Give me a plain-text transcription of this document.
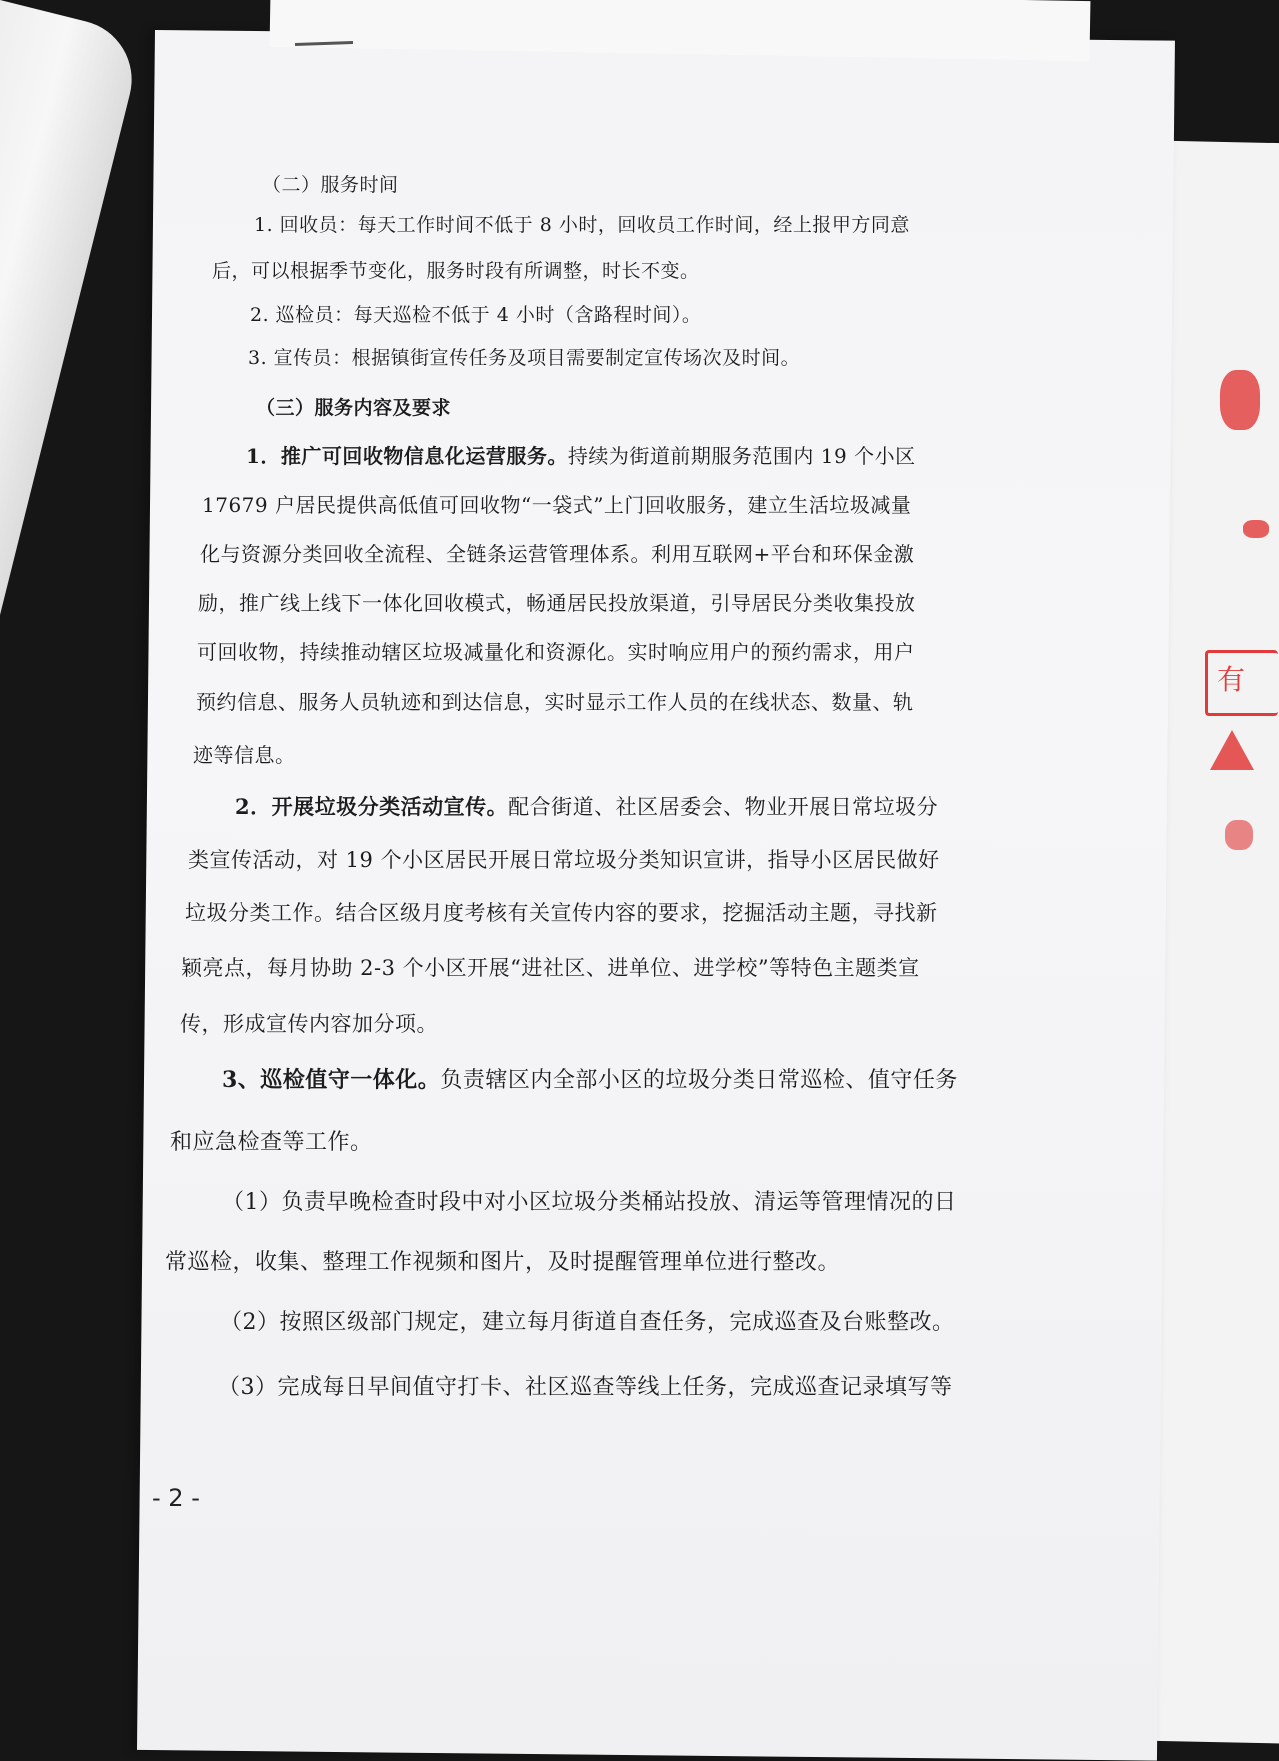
有
（二）服务时间
1. 回收员：每天工作时间不低于 8 小时，回收员工作时间，经上报甲方同意
后，可以根据季节变化，服务时段有所调整，时长不变。
2. 巡检员：每天巡检不低于 4 小时（含路程时间）。
3. 宣传员：根据镇街宣传任务及项目需要制定宣传场次及时间。
（三）服务内容及要求
1．推广可回收物信息化运营服务。持续为街道前期服务范围内 19 个小区
17679 户居民提供高低值可回收物“一袋式”上门回收服务，建立生活垃圾减量
化与资源分类回收全流程、全链条运营管理体系。利用互联网+平台和环保金激
励，推广线上线下一体化回收模式，畅通居民投放渠道，引导居民分类收集投放
可回收物，持续推动辖区垃圾减量化和资源化。实时响应用户的预约需求，用户
预约信息、服务人员轨迹和到达信息，实时显示工作人员的在线状态、数量、轨
迹等信息。
2．开展垃圾分类活动宣传。配合街道、社区居委会、物业开展日常垃圾分
类宣传活动，对 19 个小区居民开展日常垃圾分类知识宣讲，指导小区居民做好
垃圾分类工作。结合区级月度考核有关宣传内容的要求，挖掘活动主题，寻找新
颖亮点，每月协助 2-3 个小区开展“进社区、进单位、进学校”等特色主题类宣
传，形成宣传内容加分项。
3、巡检值守一体化。负责辖区内全部小区的垃圾分类日常巡检、值守任务
和应急检查等工作。
（1）负责早晚检查时段中对小区垃圾分类桶站投放、清运等管理情况的日
常巡检，收集、整理工作视频和图片，及时提醒管理单位进行整改。
（2）按照区级部门规定，建立每月街道自查任务，完成巡查及台账整改。
（3）完成每日早间值守打卡、社区巡查等线上任务，完成巡查记录填写等
- 2 -
